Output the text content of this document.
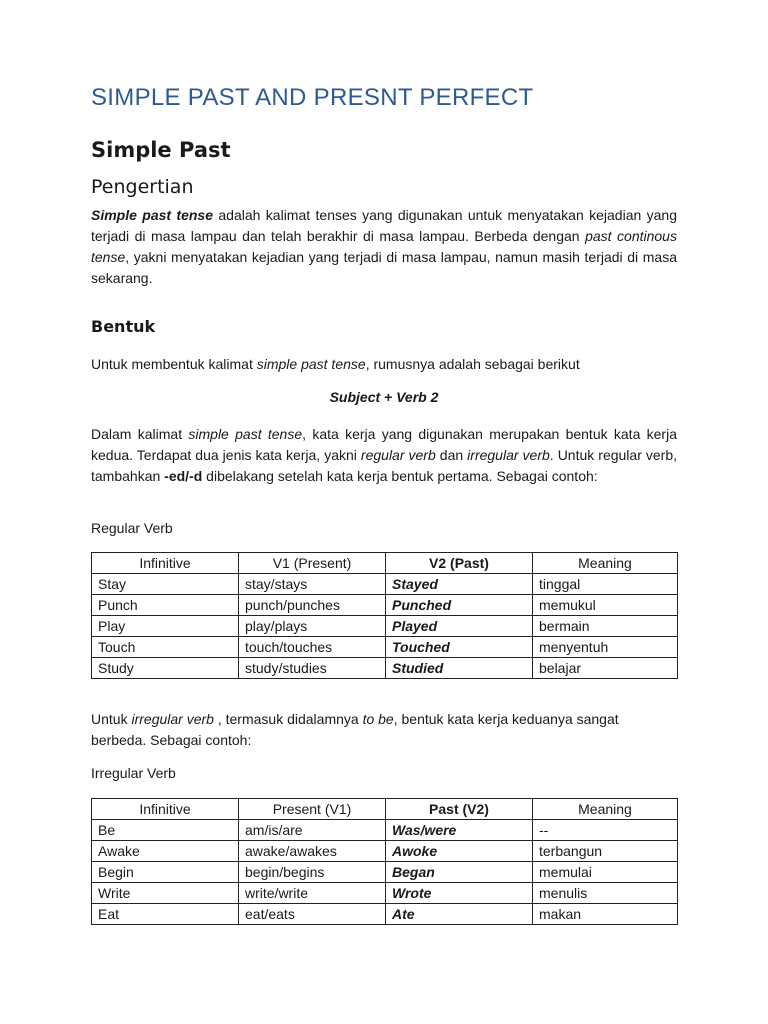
SIMPLE PAST AND PRESNT PERFECT
Simple Past
Pengertian
Simple past tense adalah kalimat tenses yang digunakan untuk menyatakan kejadian yang terjadi di masa lampau dan telah berakhir di masa lampau. Berbeda dengan past continous tense, yakni menyatakan kejadian yang terjadi di masa lampau, namun masih terjadi di masa sekarang.
Bentuk
Untuk membentuk kalimat simple past tense, rumusnya adalah sebagai berikut
Subject + Verb 2
Dalam kalimat simple past tense, kata kerja yang digunakan merupakan bentuk kata kerja kedua. Terdapat dua jenis kata kerja, yakni regular verb dan irregular verb. Untuk regular verb, tambahkan -ed/-d dibelakang setelah kata kerja bentuk pertama. Sebagai contoh:
Regular Verb
Infinitive	V1 (Present)	V2 (Past)	Meaning
Stay	stay/stays	Stayed	tinggal
Punch	punch/punches	Punched	memukul
Play	play/plays	Played	bermain
Touch	touch/touches	Touched	menyentuh
Study	study/studies	Studied	belajar
Untuk irregular verb , termasuk didalamnya to be, bentuk kata kerja keduanya sangat berbeda. Sebagai contoh:
Irregular Verb
Infinitive	Present (V1)	Past (V2)	Meaning
Be	am/is/are	Was/were	--
Awake	awake/awakes	Awoke	terbangun
Begin	begin/begins	Began	memulai
Write	write/write	Wrote	menulis
Eat	eat/eats	Ate	makan
